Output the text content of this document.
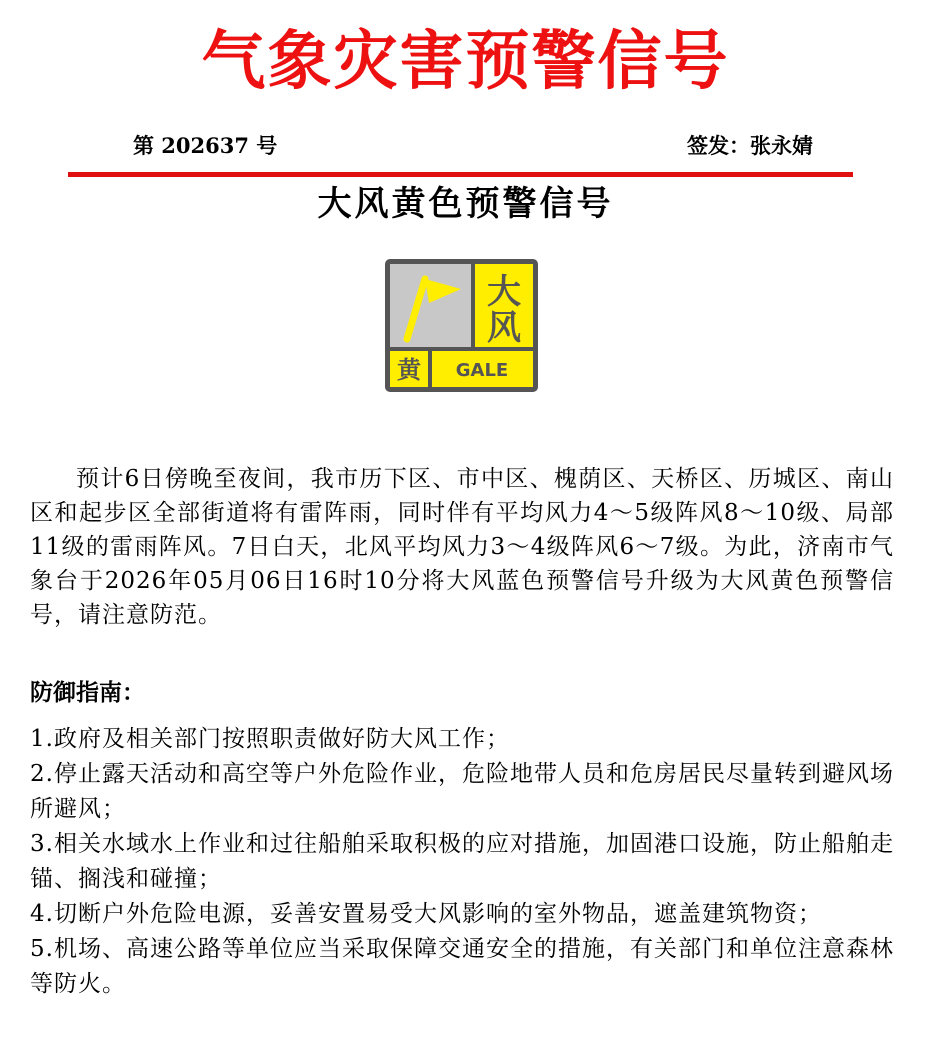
气象灾害预警信号
第 202637 号	签发：张永婧
大风黄色预警信号
大
风
黄 GALE

预计6日傍晚至夜间，我市历下区、市中区、槐荫区、天桥区、历城区、南山区和起步区全部街道将有雷阵雨，同时伴有平均风力4～5级阵风8～10级、局部11级的雷雨阵风。7日白天，北风平均风力3～4级阵风6～7级。为此，济南市气象台于2026年05月06日16时10分将大风蓝色预警信号升级为大风黄色预警信号，请注意防范。

防御指南：
1.政府及相关部门按照职责做好防大风工作；
2.停止露天活动和高空等户外危险作业，危险地带人员和危房居民尽量转到避风场所避风；
3.相关水域水上作业和过往船舶采取积极的应对措施，加固港口设施，防止船舶走锚、搁浅和碰撞；
4.切断户外危险电源，妥善安置易受大风影响的室外物品，遮盖建筑物资；
5.机场、高速公路等单位应当采取保障交通安全的措施，有关部门和单位注意森林等防火。
